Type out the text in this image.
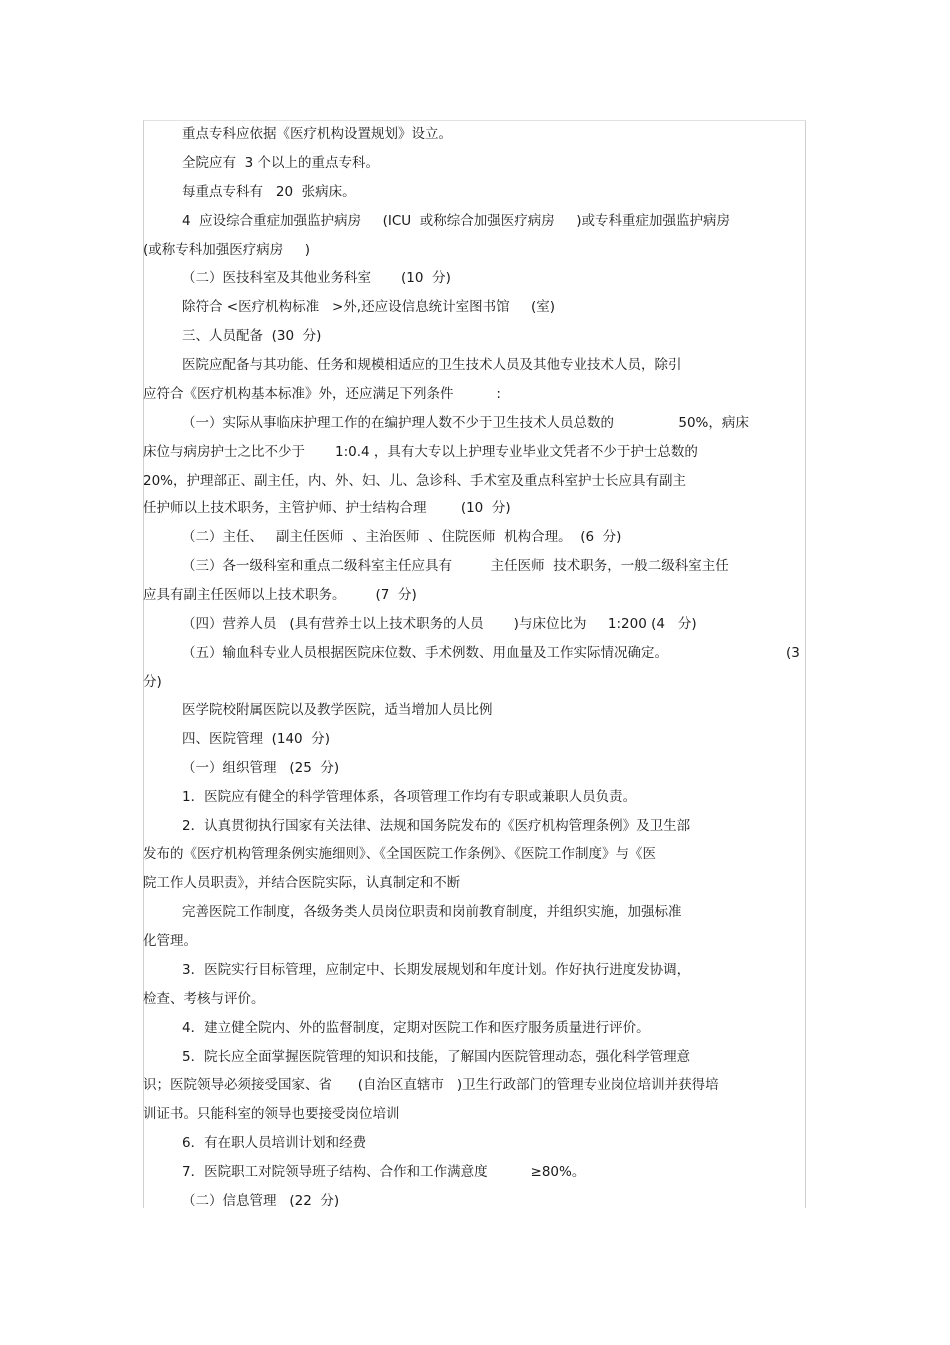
重点专科应依据《医疗机构设置规划》设立。
全院应有  3 个以上的重点专科。
每重点专科有   20  张病床。
4  应设综合重症加强监护病房     (ICU  或称综合加强医疗病房     )或专科重症加强监护病房
(或称专科加强医疗病房     )
（二）医技科室及其他业务科室       (10  分)
除符合 <医疗机构标准   >外,还应设信息统计室图书馆     (室)
三、人员配备  (30  分)
医院应配备与其功能、任务和规模相适应的卫生技术人员及其他专业技术人员，除引
应符合《医疗机构基本标准》外，还应满足下列条件          :
（一）实际从事临床护理工作的在编护理人数不少于卫生技术人员总数的               50%，病床
床位与病房护士之比不少于       1:0.4 ，具有大专以上护理专业毕业文凭者不少于护士总数的
20%，护理部正、副主任，内、外、妇、儿、急诊科、手术室及重点科室护士长应具有副主
任护师以上技术职务，主管护师、护士结构合理        (10  分)
（二）主任、   副主任医师  、主治医师  、住院医师  机构合理。  (6  分)
（三）各一级科室和重点二级科室主任应具有         主任医师  技术职务，一般二级科室主任
应具有副主任医师以上技术职务。       (7  分)
（四）营养人员   (具有营养士以上技术职务的人员       )与床位比为     1:200 (4   分)
（五）输血科专业人员根据医院床位数、手术例数、用血量及工作实际情况确定。	(3
分)
医学院校附属医院以及教学医院，适当增加人员比例
四、医院管理  (140  分)
（一）组织管理   (25  分)
1．医院应有健全的科学管理体系，各项管理工作均有专职或兼职人员负责。
2．认真贯彻执行国家有关法律、法规和国务院发布的《医疗机构管理条例》及卫生部
发布的《医疗机构管理条例实施细则》、《全国医院工作条例》、《医院工作制度》与《医
院工作人员职责》，并结合医院实际，认真制定和不断
完善医院工作制度，各级务类人员岗位职责和岗前教育制度，并组织实施，加强标准
化管理。
3．医院实行目标管理，应制定中、长期发展规划和年度计划。作好执行进度发协调，
检查、考核与评价。
4．建立健全院内、外的监督制度，定期对医院工作和医疗服务质量进行评价。
5．院长应全面掌握医院管理的知识和技能，了解国内医院管理动态，强化科学管理意
识；医院领导必须接受国家、省      (自治区直辖市   )卫生行政部门的管理专业岗位培训并获得培
训证书。只能科室的领导也要接受岗位培训
6．有在职人员培训计划和经费
7．医院职工对院领导班子结构、合作和工作满意度          ≥80%。
（二）信息管理   (22  分)
